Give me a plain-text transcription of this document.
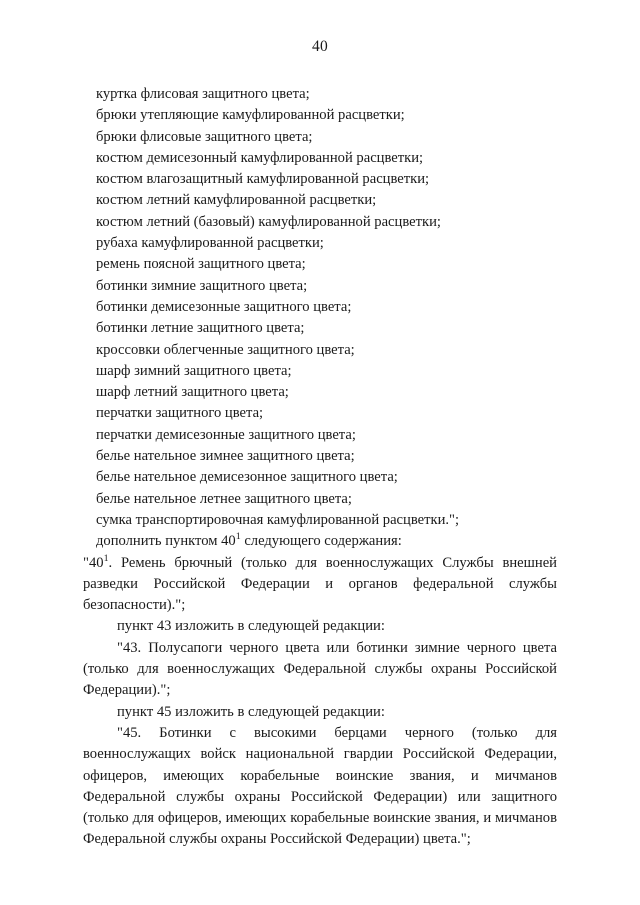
40
куртка флисовая защитного цвета;
брюки утепляющие камуфлированной расцветки;
брюки флисовые защитного цвета;
костюм демисезонный камуфлированной расцветки;
костюм влагозащитный камуфлированной расцветки;
костюм летний камуфлированной расцветки;
костюм летний (базовый) камуфлированной расцветки;
рубаха камуфлированной расцветки;
ремень поясной защитного цвета;
ботинки зимние защитного цвета;
ботинки демисезонные защитного цвета;
ботинки летние защитного цвета;
кроссовки облегченные защитного цвета;
шарф зимний защитного цвета;
шарф летний защитного цвета;
перчатки защитного цвета;
перчатки демисезонные защитного цвета;
белье нательное зимнее защитного цвета;
белье нательное демисезонное защитного цвета;
белье нательное летнее защитного цвета;
сумка транспортировочная камуфлированной расцветки.";
дополнить пунктом $40^1$ следующего содержания:

"$40^1$. Ремень брючный (только для военнослужащих Службы внешней разведки Российской Федерации и органов федеральной службы безопасности).";

пункт 43 изложить в следующей редакции:

"43. Полусапоги черного цвета или ботинки зимние черного цвета (только для военнослужащих Федеральной службы охраны Российской Федерации).";

пункт 45 изложить в следующей редакции:

"45. Ботинки с высокими берцами черного (только для военнослужащих войск национальной гвардии Российской Федерации, офицеров, имеющих корабельные воинские звания, и мичманов Федеральной службы охраны Российской Федерации) или защитного (только для офицеров, имеющих корабельные воинские звания, и мичманов Федеральной службы охраны Российской Федерации) цвета.";
